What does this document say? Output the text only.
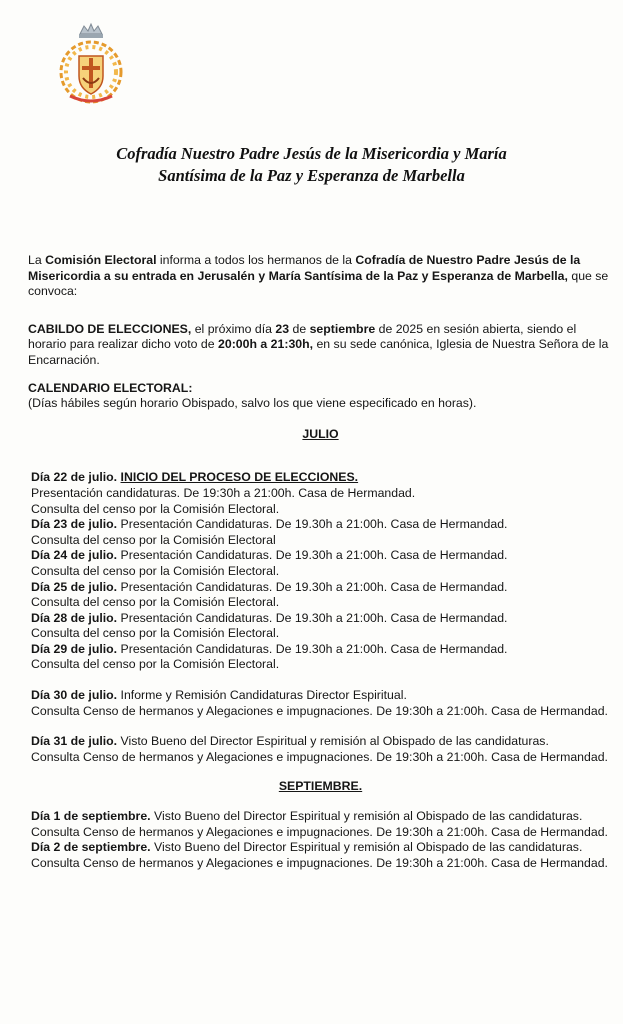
Cofradía Nuestro Padre Jesús de la Misericordia y María
Santísima de la Paz y Esperanza de Marbella

La Comisión Electoral informa a todos los hermanos de la Cofradía de Nuestro Padre Jesús de la Misericordia a su entrada en Jerusalén y María Santísima de la Paz y Esperanza de Marbella, que se convoca:

CABILDO DE ELECCIONES, el próximo día 23 de septiembre de 2025 en sesión abierta, siendo el horario para realizar dicho voto de 20:00h a 21:30h, en su sede canónica, Iglesia de Nuestra Señora de la Encarnación.

CALENDARIO ELECTORAL:

(Días hábiles según horario Obispado, salvo los que viene especificado en horas).

JULIO

Día 22 de julio. INICIO DEL PROCESO DE ELECCIONES.
Presentación candidaturas. De 19:30h a 21:00h. Casa de Hermandad.
Consulta del censo por la Comisión Electoral.
Día 23 de julio. Presentación Candidaturas. De 19.30h a 21:00h. Casa de Hermandad.
Consulta del censo por la Comisión Electoral
Día 24 de julio. Presentación Candidaturas. De 19.30h a 21:00h. Casa de Hermandad.
Consulta del censo por la Comisión Electoral.
Día 25 de julio. Presentación Candidaturas. De 19.30h a 21:00h. Casa de Hermandad.
Consulta del censo por la Comisión Electoral.
Día 28 de julio. Presentación Candidaturas. De 19.30h a 21:00h. Casa de Hermandad.
Consulta del censo por la Comisión Electoral.
Día 29 de julio. Presentación Candidaturas. De 19.30h a 21:00h. Casa de Hermandad.
Consulta del censo por la Comisión Electoral.
Día 30 de julio. Informe y Remisión Candidaturas Director Espiritual.
Consulta Censo de hermanos y Alegaciones e impugnaciones. De 19:30h a 21:00h. Casa de Hermandad.
Día 31 de julio. Visto Bueno del Director Espiritual y remisión al Obispado de las candidaturas.
Consulta Censo de hermanos y Alegaciones e impugnaciones. De 19:30h a 21:00h. Casa de Hermandad.

SEPTIEMBRE.

Día 1 de septiembre. Visto Bueno del Director Espiritual y remisión al Obispado de las candidaturas.
Consulta Censo de hermanos y Alegaciones e impugnaciones. De 19:30h a 21:00h. Casa de Hermandad.
Día 2 de septiembre. Visto Bueno del Director Espiritual y remisión al Obispado de las candidaturas.
Consulta Censo de hermanos y Alegaciones e impugnaciones. De 19:30h a 21:00h. Casa de Hermandad.
